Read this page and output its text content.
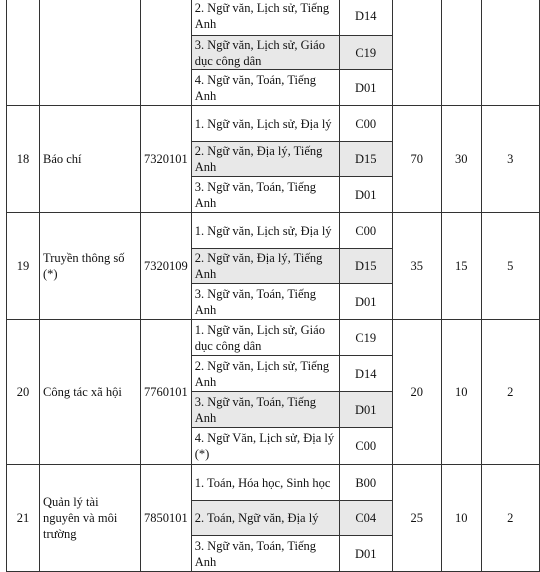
			2. Ngữ văn, Lịch sử, Tiếng Anh	D14			
			3. Ngữ văn, Lịch sử, Giáo dục công dân	C19			
			4. Ngữ văn, Toán, Tiếng Anh	D01			
18	Báo chí	7320101	1. Ngữ văn, Lịch sử, Địa lý	C00	70	30	3
			2. Ngữ văn, Địa lý, Tiếng Anh	D15			
			3. Ngữ văn, Toán, Tiếng Anh	D01			
19	Truyền thông số (*)	7320109	1. Ngữ văn, Lịch sử, Địa lý	C00	35	15	5
			2. Ngữ văn, Địa lý, Tiếng Anh	D15			
			3. Ngữ văn, Toán, Tiếng Anh	D01			
20	Công tác xã hội	7760101	1. Ngữ văn, Lịch sử, Giáo dục công dân	C19	20	10	2
			2. Ngữ văn, Lịch sử, Tiếng Anh	D14			
			3. Ngữ văn, Toán, Tiếng Anh	D01			
			4. Ngữ Văn, Lịch sử, Địa lý (*)	C00			
21	Quản lý tài nguyên và môi trường	7850101	1. Toán, Hóa học, Sinh học	B00	25	10	2
			2. Toán, Ngữ văn, Địa lý	C04			
			3. Ngữ văn, Toán, Tiếng Anh	D01			
